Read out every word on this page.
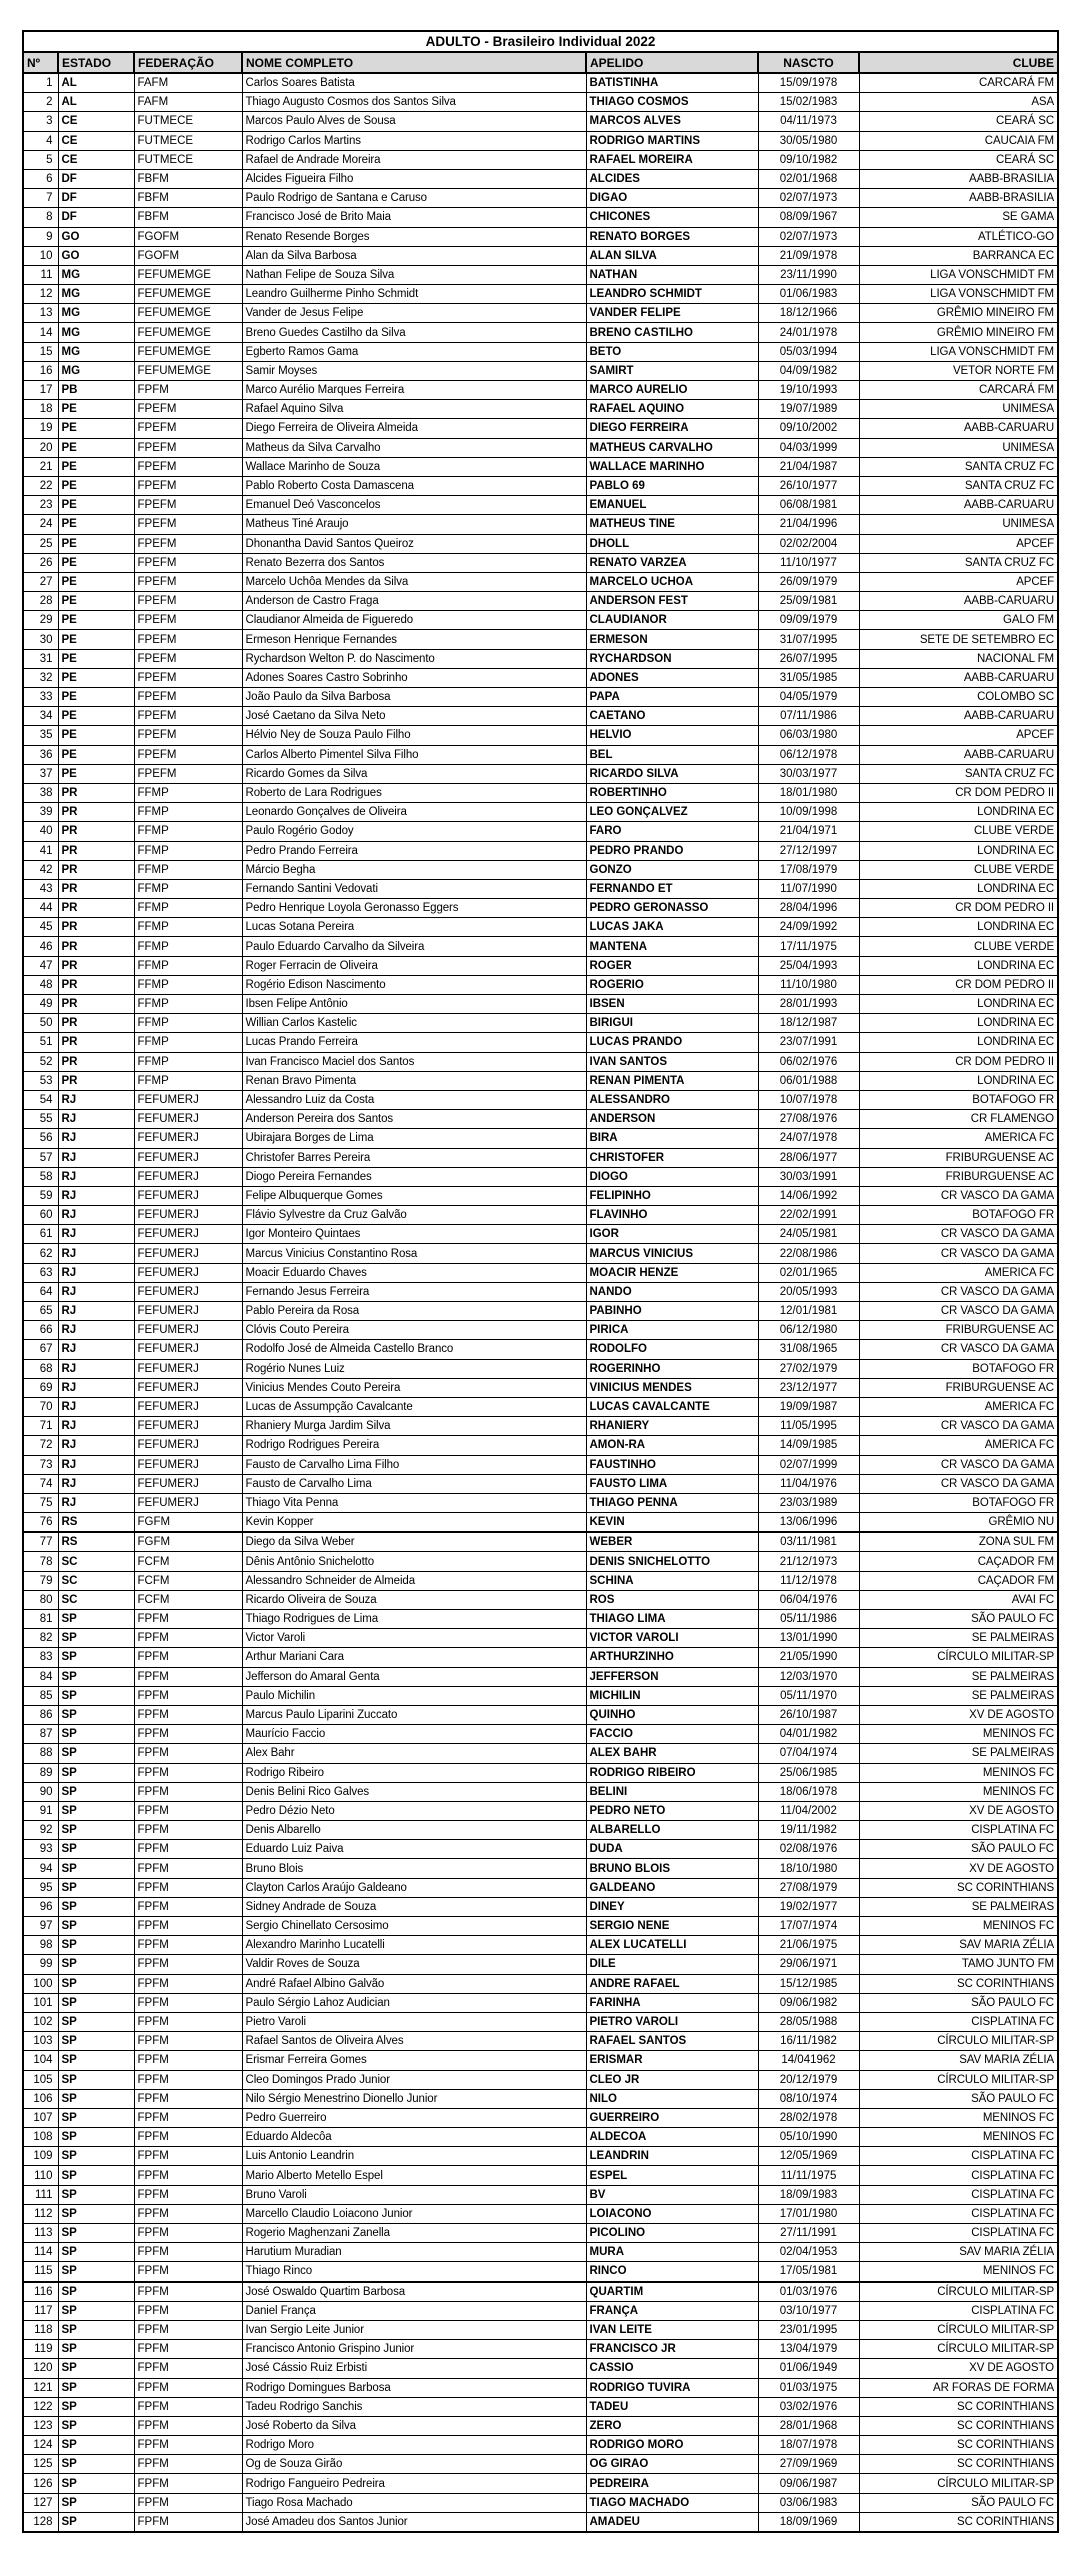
ADULTO - Brasileiro Individual 2022						
Nº	ESTADO	FEDERAÇÃO	NOME COMPLETO	APELIDO	NASCTO	CLUBE
1	AL	FAFM	Carlos Soares Batista	BATISTINHA	15/09/1978	CARCARÁ FM
2	AL	FAFM	Thiago Augusto Cosmos dos Santos Silva	THIAGO COSMOS	15/02/1983	ASA
3	CE	FUTMECE	Marcos Paulo Alves de Sousa	MARCOS ALVES	04/11/1973	CEARÁ SC
4	CE	FUTMECE	Rodrigo Carlos Martins	RODRIGO MARTINS	30/05/1980	CAUCAIA FM
5	CE	FUTMECE	Rafael de Andrade Moreira	RAFAEL MOREIRA	09/10/1982	CEARÁ SC
6	DF	FBFM	Alcides Figueira Filho	ALCIDES	02/01/1968	AABB-BRASILIA
7	DF	FBFM	Paulo Rodrigo de Santana e Caruso	DIGAO	02/07/1973	AABB-BRASILIA
8	DF	FBFM	Francisco José de Brito Maia	CHICONES	08/09/1967	SE GAMA
9	GO	FGOFM	Renato Resende Borges	RENATO BORGES	02/07/1973	ATLÉTICO-GO
10	GO	FGOFM	Alan da Silva Barbosa	ALAN SILVA	21/09/1978	BARRANCA EC
11	MG	FEFUMEMGE	Nathan Felipe de Souza Silva	NATHAN	23/11/1990	LIGA VONSCHMIDT FM
12	MG	FEFUMEMGE	Leandro Guilherme Pinho Schmidt	LEANDRO SCHMIDT	01/06/1983	LIGA VONSCHMIDT FM
13	MG	FEFUMEMGE	Vander de Jesus Felipe	VANDER FELIPE	18/12/1966	GRÊMIO MINEIRO FM
14	MG	FEFUMEMGE	Breno Guedes Castilho da Silva	BRENO CASTILHO	24/01/1978	GRÊMIO MINEIRO FM
15	MG	FEFUMEMGE	Egberto Ramos Gama	BETO	05/03/1994	LIGA VONSCHMIDT FM
16	MG	FEFUMEMGE	Samir Moyses	SAMIRT	04/09/1982	VETOR NORTE FM
17	PB	FPFM	Marco Aurélio Marques Ferreira	MARCO AURELIO	19/10/1993	CARCARÁ FM
18	PE	FPEFM	Rafael Aquino Silva	RAFAEL AQUINO	19/07/1989	UNIMESA
19	PE	FPEFM	Diego Ferreira de Oliveira Almeida	DIEGO FERREIRA	09/10/2002	AABB-CARUARU
20	PE	FPEFM	Matheus da Silva Carvalho	MATHEUS CARVALHO	04/03/1999	UNIMESA
21	PE	FPEFM	Wallace Marinho de Souza	WALLACE MARINHO	21/04/1987	SANTA CRUZ FC
22	PE	FPEFM	Pablo Roberto Costa Damascena	PABLO 69	26/10/1977	SANTA CRUZ FC
23	PE	FPEFM	Emanuel Deó Vasconcelos	EMANUEL	06/08/1981	AABB-CARUARU
24	PE	FPEFM	Matheus Tiné Araujo	MATHEUS TINE	21/04/1996	UNIMESA
25	PE	FPEFM	Dhonantha David Santos Queiroz	DHOLL	02/02/2004	APCEF
26	PE	FPEFM	Renato Bezerra dos Santos	RENATO VARZEA	11/10/1977	SANTA CRUZ FC
27	PE	FPEFM	Marcelo Uchôa Mendes da Silva	MARCELO UCHOA	26/09/1979	APCEF
28	PE	FPEFM	Anderson de Castro Fraga	ANDERSON FEST	25/09/1981	AABB-CARUARU
29	PE	FPEFM	Claudianor Almeida de Figueredo	CLAUDIANOR	09/09/1979	GALO FM
30	PE	FPEFM	Ermeson Henrique Fernandes	ERMESON	31/07/1995	SETE DE SETEMBRO EC
31	PE	FPEFM	Rychardson Welton P. do Nascimento	RYCHARDSON	26/07/1995	NACIONAL FM
32	PE	FPEFM	Adones Soares Castro Sobrinho	ADONES	31/05/1985	AABB-CARUARU
33	PE	FPEFM	João Paulo da Silva Barbosa	PAPA	04/05/1979	COLOMBO SC
34	PE	FPEFM	José Caetano da Silva Neto	CAETANO	07/11/1986	AABB-CARUARU
35	PE	FPEFM	Hélvio Ney de Souza Paulo Filho	HELVIO	06/03/1980	APCEF
36	PE	FPEFM	Carlos Alberto Pimentel Silva Filho	BEL	06/12/1978	AABB-CARUARU
37	PE	FPEFM	Ricardo Gomes da Silva	RICARDO SILVA	30/03/1977	SANTA CRUZ FC
38	PR	FFMP	Roberto de Lara Rodrigues	ROBERTINHO	18/01/1980	CR DOM PEDRO II
39	PR	FFMP	Leonardo Gonçalves de Oliveira	LEO GONÇALVEZ	10/09/1998	LONDRINA EC
40	PR	FFMP	Paulo Rogério Godoy	FARO	21/04/1971	CLUBE VERDE
41	PR	FFMP	Pedro Prando Ferreira	PEDRO PRANDO	27/12/1997	LONDRINA EC
42	PR	FFMP	Márcio Begha	GONZO	17/08/1979	CLUBE VERDE
43	PR	FFMP	Fernando Santini Vedovati	FERNANDO ET	11/07/1990	LONDRINA EC
44	PR	FFMP	Pedro Henrique Loyola Geronasso Eggers	PEDRO GERONASSO	28/04/1996	CR DOM PEDRO II
45	PR	FFMP	Lucas Sotana Pereira	LUCAS JAKA	24/09/1992	LONDRINA EC
46	PR	FFMP	Paulo Eduardo Carvalho da Silveira	MANTENA	17/11/1975	CLUBE VERDE
47	PR	FFMP	Roger Ferracin de Oliveira	ROGER	25/04/1993	LONDRINA EC
48	PR	FFMP	Rogério Edison Nascimento	ROGERIO	11/10/1980	CR DOM PEDRO II
49	PR	FFMP	Ibsen Felipe Antônio	IBSEN	28/01/1993	LONDRINA EC
50	PR	FFMP	Willian Carlos Kastelic	BIRIGUI	18/12/1987	LONDRINA EC
51	PR	FFMP	Lucas Prando Ferreira	LUCAS PRANDO	23/07/1991	LONDRINA EC
52	PR	FFMP	Ivan Francisco Maciel dos Santos	IVAN SANTOS	06/02/1976	CR DOM PEDRO II
53	PR	FFMP	Renan Bravo Pimenta	RENAN PIMENTA	06/01/1988	LONDRINA EC
54	RJ	FEFUMERJ	Alessandro Luiz da Costa	ALESSANDRO	10/07/1978	BOTAFOGO FR
55	RJ	FEFUMERJ	Anderson Pereira dos Santos	ANDERSON	27/08/1976	CR FLAMENGO
56	RJ	FEFUMERJ	Ubirajara Borges de Lima	BIRA	24/07/1978	AMERICA FC
57	RJ	FEFUMERJ	Christofer Barres Pereira	CHRISTOFER	28/06/1977	FRIBURGUENSE AC
58	RJ	FEFUMERJ	Diogo Pereira Fernandes	DIOGO	30/03/1991	FRIBURGUENSE AC
59	RJ	FEFUMERJ	Felipe Albuquerque Gomes	FELIPINHO	14/06/1992	CR VASCO DA GAMA
60	RJ	FEFUMERJ	Flávio Sylvestre da Cruz Galvão	FLAVINHO	22/02/1991	BOTAFOGO FR
61	RJ	FEFUMERJ	Igor Monteiro Quintaes	IGOR	24/05/1981	CR VASCO DA GAMA
62	RJ	FEFUMERJ	Marcus Vinicius Constantino Rosa	MARCUS VINICIUS	22/08/1986	CR VASCO DA GAMA
63	RJ	FEFUMERJ	Moacir Eduardo Chaves	MOACIR HENZE	02/01/1965	AMERICA FC
64	RJ	FEFUMERJ	Fernando Jesus Ferreira	NANDO	20/05/1993	CR VASCO DA GAMA
65	RJ	FEFUMERJ	Pablo Pereira da Rosa	PABINHO	12/01/1981	CR VASCO DA GAMA
66	RJ	FEFUMERJ	Clóvis Couto Pereira	PIRICA	06/12/1980	FRIBURGUENSE AC
67	RJ	FEFUMERJ	Rodolfo José de Almeida Castello Branco	RODOLFO	31/08/1965	CR VASCO DA GAMA
68	RJ	FEFUMERJ	Rogério Nunes Luiz	ROGERINHO	27/02/1979	BOTAFOGO FR
69	RJ	FEFUMERJ	Vinicius Mendes Couto Pereira	VINICIUS MENDES	23/12/1977	FRIBURGUENSE AC
70	RJ	FEFUMERJ	Lucas de Assumpção Cavalcante	LUCAS CAVALCANTE	19/09/1987	AMERICA FC
71	RJ	FEFUMERJ	Rhaniery Murga Jardim Silva	RHANIERY	11/05/1995	CR VASCO DA GAMA
72	RJ	FEFUMERJ	Rodrigo Rodrigues Pereira	AMON-RA	14/09/1985	AMERICA FC
73	RJ	FEFUMERJ	Fausto de Carvalho Lima Filho	FAUSTINHO	02/07/1999	CR VASCO DA GAMA
74	RJ	FEFUMERJ	Fausto de Carvalho Lima	FAUSTO LIMA	11/04/1976	CR VASCO DA GAMA
75	RJ	FEFUMERJ	Thiago Vita Penna	THIAGO PENNA	23/03/1989	BOTAFOGO FR
76	RS	FGFM	Kevin Kopper	KEVIN	13/06/1996	GRÊMIO NU
77	RS	FGFM	Diego da Silva Weber	WEBER	03/11/1981	ZONA SUL FM
78	SC	FCFM	Dênis Antônio Snichelotto	DENIS SNICHELOTTO	21/12/1973	CAÇADOR FM
79	SC	FCFM	Alessandro Schneider de Almeida	SCHINA	11/12/1978	CAÇADOR FM
80	SC	FCFM	Ricardo Oliveira de Souza	ROS	06/04/1976	AVAI FC
81	SP	FPFM	Thiago Rodrigues de Lima	THIAGO LIMA	05/11/1986	SÃO PAULO FC
82	SP	FPFM	Victor Varoli	VICTOR VAROLI	13/01/1990	SE PALMEIRAS
83	SP	FPFM	Arthur Mariani Cara	ARTHURZINHO	21/05/1990	CÍRCULO MILITAR-SP
84	SP	FPFM	Jefferson do Amaral Genta	JEFFERSON	12/03/1970	SE PALMEIRAS
85	SP	FPFM	Paulo Michilin	MICHILIN	05/11/1970	SE PALMEIRAS
86	SP	FPFM	Marcus Paulo Liparini Zuccato	QUINHO	26/10/1987	XV DE AGOSTO
87	SP	FPFM	Maurício Faccio	FACCIO	04/01/1982	MENINOS FC
88	SP	FPFM	Alex Bahr	ALEX BAHR	07/04/1974	SE PALMEIRAS
89	SP	FPFM	Rodrigo Ribeiro	RODRIGO RIBEIRO	25/06/1985	MENINOS FC
90	SP	FPFM	Denis Belini Rico Galves	BELINI	18/06/1978	MENINOS FC
91	SP	FPFM	Pedro Dézio Neto	PEDRO NETO	11/04/2002	XV DE AGOSTO
92	SP	FPFM	Denis Albarello	ALBARELLO	19/11/1982	CISPLATINA FC
93	SP	FPFM	Eduardo Luiz Paiva	DUDA	02/08/1976	SÃO PAULO FC
94	SP	FPFM	Bruno Blois	BRUNO BLOIS	18/10/1980	XV DE AGOSTO
95	SP	FPFM	Clayton Carlos Araújo Galdeano	GALDEANO	27/08/1979	SC CORINTHIANS
96	SP	FPFM	Sidney Andrade de Souza	DINEY	19/02/1977	SE PALMEIRAS
97	SP	FPFM	Sergio Chinellato Cersosimo	SERGIO NENE	17/07/1974	MENINOS FC
98	SP	FPFM	Alexandro Marinho Lucatelli	ALEX LUCATELLI	21/06/1975	SAV MARIA ZÉLIA
99	SP	FPFM	Valdir Roves de Souza	DILE	29/06/1971	TAMO JUNTO FM
100	SP	FPFM	André Rafael Albino Galvão	ANDRE RAFAEL	15/12/1985	SC CORINTHIANS
101	SP	FPFM	Paulo Sérgio Lahoz Audician	FARINHA	09/06/1982	SÃO PAULO FC
102	SP	FPFM	Pietro Varoli	PIETRO VAROLI	28/05/1988	CISPLATINA FC
103	SP	FPFM	Rafael Santos de Oliveira Alves	RAFAEL SANTOS	16/11/1982	CÍRCULO MILITAR-SP
104	SP	FPFM	Erismar Ferreira Gomes	ERISMAR	14/041962	SAV MARIA ZÉLIA
105	SP	FPFM	Cleo Domingos Prado Junior	CLEO JR	20/12/1979	CÍRCULO MILITAR-SP
106	SP	FPFM	Nilo Sérgio Menestrino Dionello Junior	NILO	08/10/1974	SÃO PAULO FC
107	SP	FPFM	Pedro Guerreiro	GUERREIRO	28/02/1978	MENINOS FC
108	SP	FPFM	Eduardo Aldecôa	ALDECOA	05/10/1990	MENINOS FC
109	SP	FPFM	Luis Antonio Leandrin	LEANDRIN	12/05/1969	CISPLATINA FC
110	SP	FPFM	Mario Alberto Metello Espel	ESPEL	11/11/1975	CISPLATINA FC
111	SP	FPFM	Bruno Varoli	BV	18/09/1983	CISPLATINA FC
112	SP	FPFM	Marcello Claudio Loiacono Junior	LOIACONO	17/01/1980	CISPLATINA FC
113	SP	FPFM	Rogerio Maghenzani Zanella	PICOLINO	27/11/1991	CISPLATINA FC
114	SP	FPFM	Harutium Muradian	MURA	02/04/1953	SAV MARIA ZÉLIA
115	SP	FPFM	Thiago Rinco	RINCO	17/05/1981	MENINOS FC
116	SP	FPFM	José Oswaldo Quartim Barbosa	QUARTIM	01/03/1976	CÍRCULO MILITAR-SP
117	SP	FPFM	Daniel França	FRANÇA	03/10/1977	CISPLATINA FC
118	SP	FPFM	Ivan Sergio Leite Junior	IVAN LEITE	23/01/1995	CÍRCULO MILITAR-SP
119	SP	FPFM	Francisco Antonio Grispino Junior	FRANCISCO JR	13/04/1979	CÍRCULO MILITAR-SP
120	SP	FPFM	José Cássio Ruiz Erbisti	CASSIO	01/06/1949	XV DE AGOSTO
121	SP	FPFM	Rodrigo Domingues Barbosa	RODRIGO TUVIRA	01/03/1975	AR FORAS DE FORMA
122	SP	FPFM	Tadeu Rodrigo Sanchis	TADEU	03/02/1976	SC CORINTHIANS
123	SP	FPFM	José Roberto da Silva	ZERO	28/01/1968	SC CORINTHIANS
124	SP	FPFM	Rodrigo Moro	RODRIGO MORO	18/07/1978	SC CORINTHIANS
125	SP	FPFM	Og de Souza Girão	OG GIRAO	27/09/1969	SC CORINTHIANS
126	SP	FPFM	Rodrigo Fangueiro Pedreira	PEDREIRA	09/06/1987	CÍRCULO MILITAR-SP
127	SP	FPFM	Tiago Rosa Machado	TIAGO MACHADO	03/06/1983	SÃO PAULO FC
128	SP	FPFM	José Amadeu dos Santos Junior	AMADEU	18/09/1969	SC CORINTHIANS
